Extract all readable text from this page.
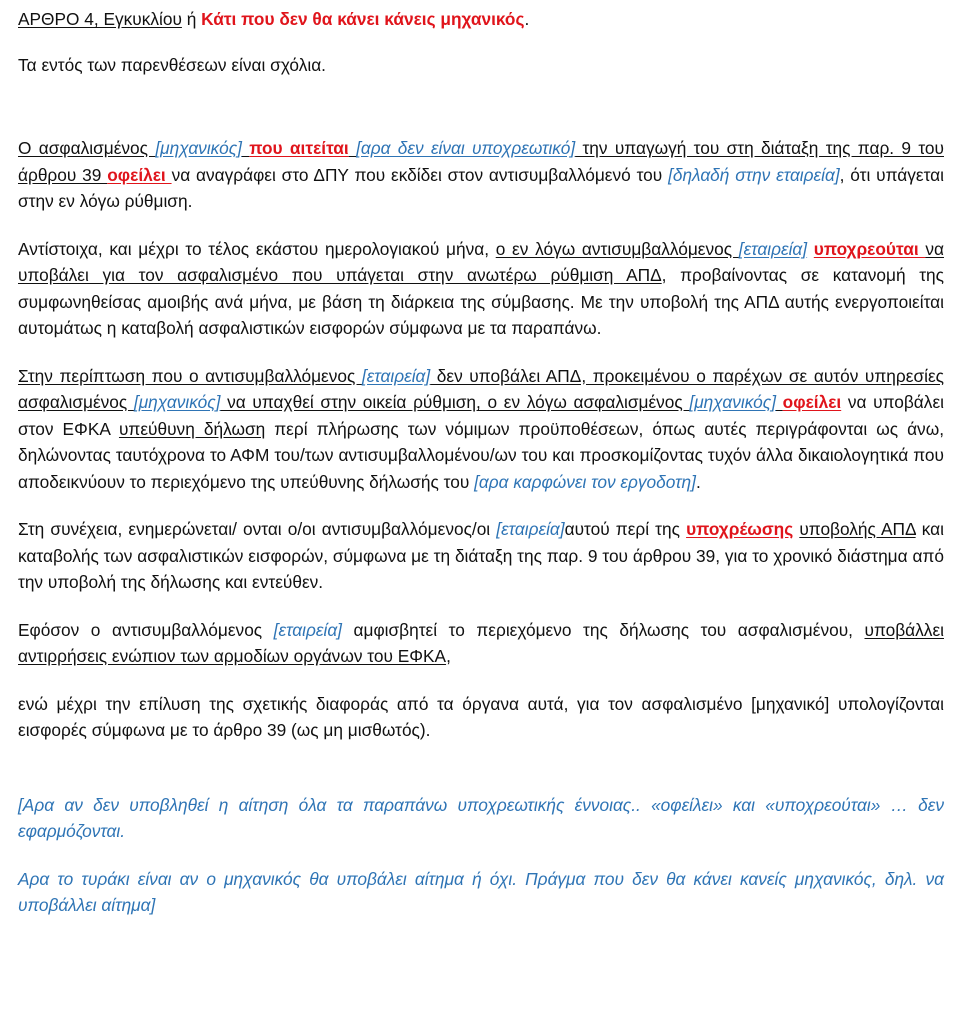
ΑΡΘΡΟ 4, Εγκυκλίου ή Κάτι που δεν θα κάνει κάνεις μηχανικός.

Τα εντός των παρενθέσεων είναι σχόλια.

Ο ασφαλισμένος [μηχανικός] που αιτείται [αρα δεν είναι υποχρεωτικό] την υπαγωγή του στη διάταξη της παρ. 9 του άρθρου 39 οφείλει να αναγράφει στο ΔΠΥ που εκδίδει στον αντισυμβαλλόμενό του [δηλαδή στην εταιρεία], ότι υπάγεται στην εν λόγω ρύθμιση.

Αντίστοιχα, και μέχρι το τέλος εκάστου ημερολογιακού μήνα, ο εν λόγω αντισυμβαλλόμενος [εταιρεία] υποχρεούται να υποβάλει για τον ασφαλισμένο που υπάγεται στην ανωτέρω ρύθμιση ΑΠΔ, προβαίνοντας σε κατανομή της συμφωνηθείσας αμοιβής ανά μήνα, με βάση τη διάρκεια της σύμβασης. Με την υποβολή της ΑΠΔ αυτής ενεργοποιείται αυτομάτως η καταβολή ασφαλιστικών εισφορών σύμφωνα με τα παραπάνω.

Στην περίπτωση που ο αντισυμβαλλόμενος [εταιρεία] δεν υποβάλει ΑΠΔ, προκειμένου ο παρέχων σε αυτόν υπηρεσίες ασφαλισμένος [μηχανικός] να υπαχθεί στην οικεία ρύθμιση, ο εν λόγω ασφαλισμένος [μηχανικός] οφείλει να υποβάλει στον ΕΦΚΑ υπεύθυνη δήλωση περί πλήρωσης των νόμιμων προϋποθέσεων, όπως αυτές περιγράφονται ως άνω, δηλώνοντας ταυτόχρονα το ΑΦΜ του/των αντισυμβαλλομένου/ων του και προσκομίζοντας τυχόν άλλα δικαιολογητικά που αποδεικνύουν το περιεχόμενο της υπεύθυνης δήλωσής του [αρα καρφώνει τον εργοδοτη].

Στη συνέχεια, ενημερώνεται/ ονται ο/οι αντισυμβαλλόμενος/οι [εταιρεία]αυτού περί της υποχρέωσης υποβολής ΑΠΔ και καταβολής των ασφαλιστικών εισφορών, σύμφωνα με τη διάταξη της παρ. 9 του άρθρου 39, για το χρονικό διάστημα από την υποβολή της δήλωσης και εντεύθεν.

Εφόσον ο αντισυμβαλλόμενος [εταιρεία] αμφισβητεί το περιεχόμενο της δήλωσης του ασφαλισμένου, υποβάλλει αντιρρήσεις ενώπιον των αρμοδίων οργάνων του ΕΦΚΑ,

ενώ μέχρι την επίλυση της σχετικής διαφοράς από τα όργανα αυτά, για τον ασφαλισμένο [μηχανικό] υπολογίζονται εισφορές σύμφωνα με το άρθρο 39 (ως μη μισθωτός).

[Αρα αν δεν υποβληθεί η αίτηση όλα τα παραπάνω υποχρεωτικής έννοιας.. «οφείλει» και «υποχρεούται» … δεν εφαρμόζονται.

Αρα το τυράκι είναι αν ο μηχανικός θα υποβάλει αίτημα ή όχι. Πράγμα που δεν θα κάνει κανείς μηχανικός, δηλ. να υποβάλλει αίτημα]
